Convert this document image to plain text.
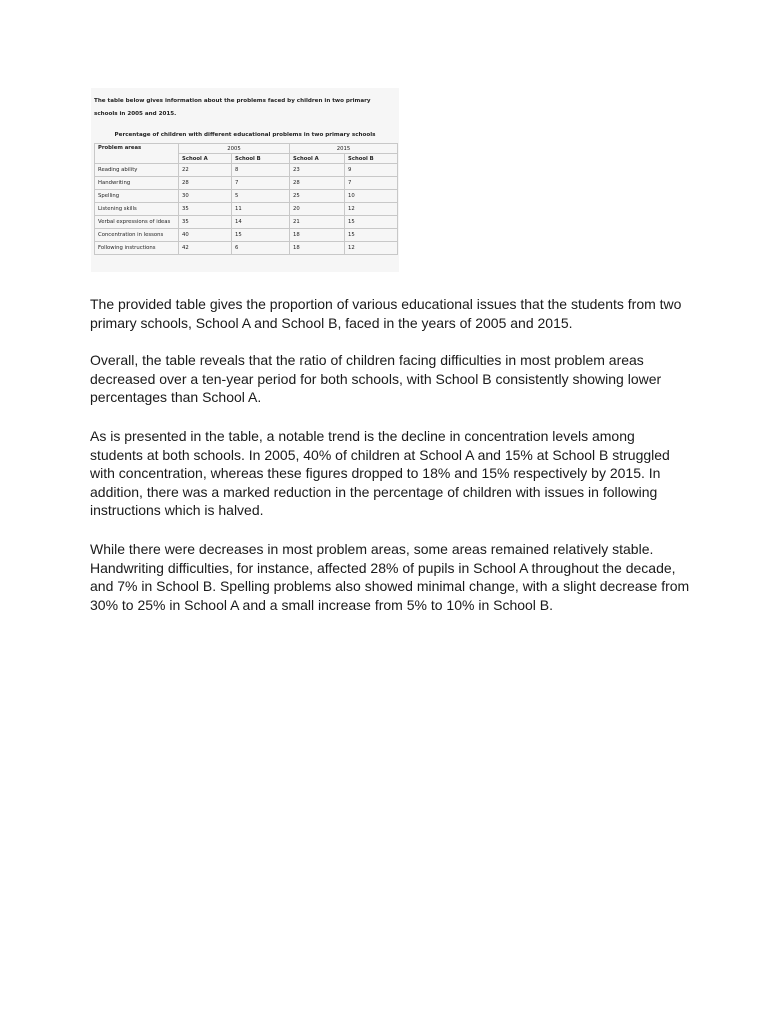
The table below gives information about the problems faced by children in two primary schools in 2005 and 2015.
Percentage of children with different educational problems in two primary schools
Problem areas	2005		2015	
	School A	School B	School A	School B
Reading ability	22	8	23	9
Handwriting	28	7	28	7
Spelling	30	5	25	10
Listening skills	35	11	20	12
Verbal expressions of ideas	35	14	21	15
Concentration in lessons	40	15	18	15
Following instructions	42	6	18	12

The provided table gives the proportion of various educational issues that the students from two primary schools, School A and School B, faced in the years of 2005 and 2015.

Overall, the table reveals that the ratio of children facing difficulties in most problem areas decreased over a ten-year period for both schools, with School B consistently showing lower percentages than School A.

As is presented in the table, a notable trend is the decline in concentration levels among students at both schools. In 2005, 40% of children at School A and 15% at School B struggled with concentration, whereas these figures dropped to 18% and 15% respectively by 2015. In addition, there was a marked reduction in the percentage of children with issues in following instructions which is halved.

While there were decreases in most problem areas, some areas remained relatively stable. Handwriting difficulties, for instance, affected 28% of pupils in School A throughout the decade, and 7% in School B. Spelling problems also showed minimal change, with a slight decrease from 30% to 25% in School A and a small increase from 5% to 10% in School B.
